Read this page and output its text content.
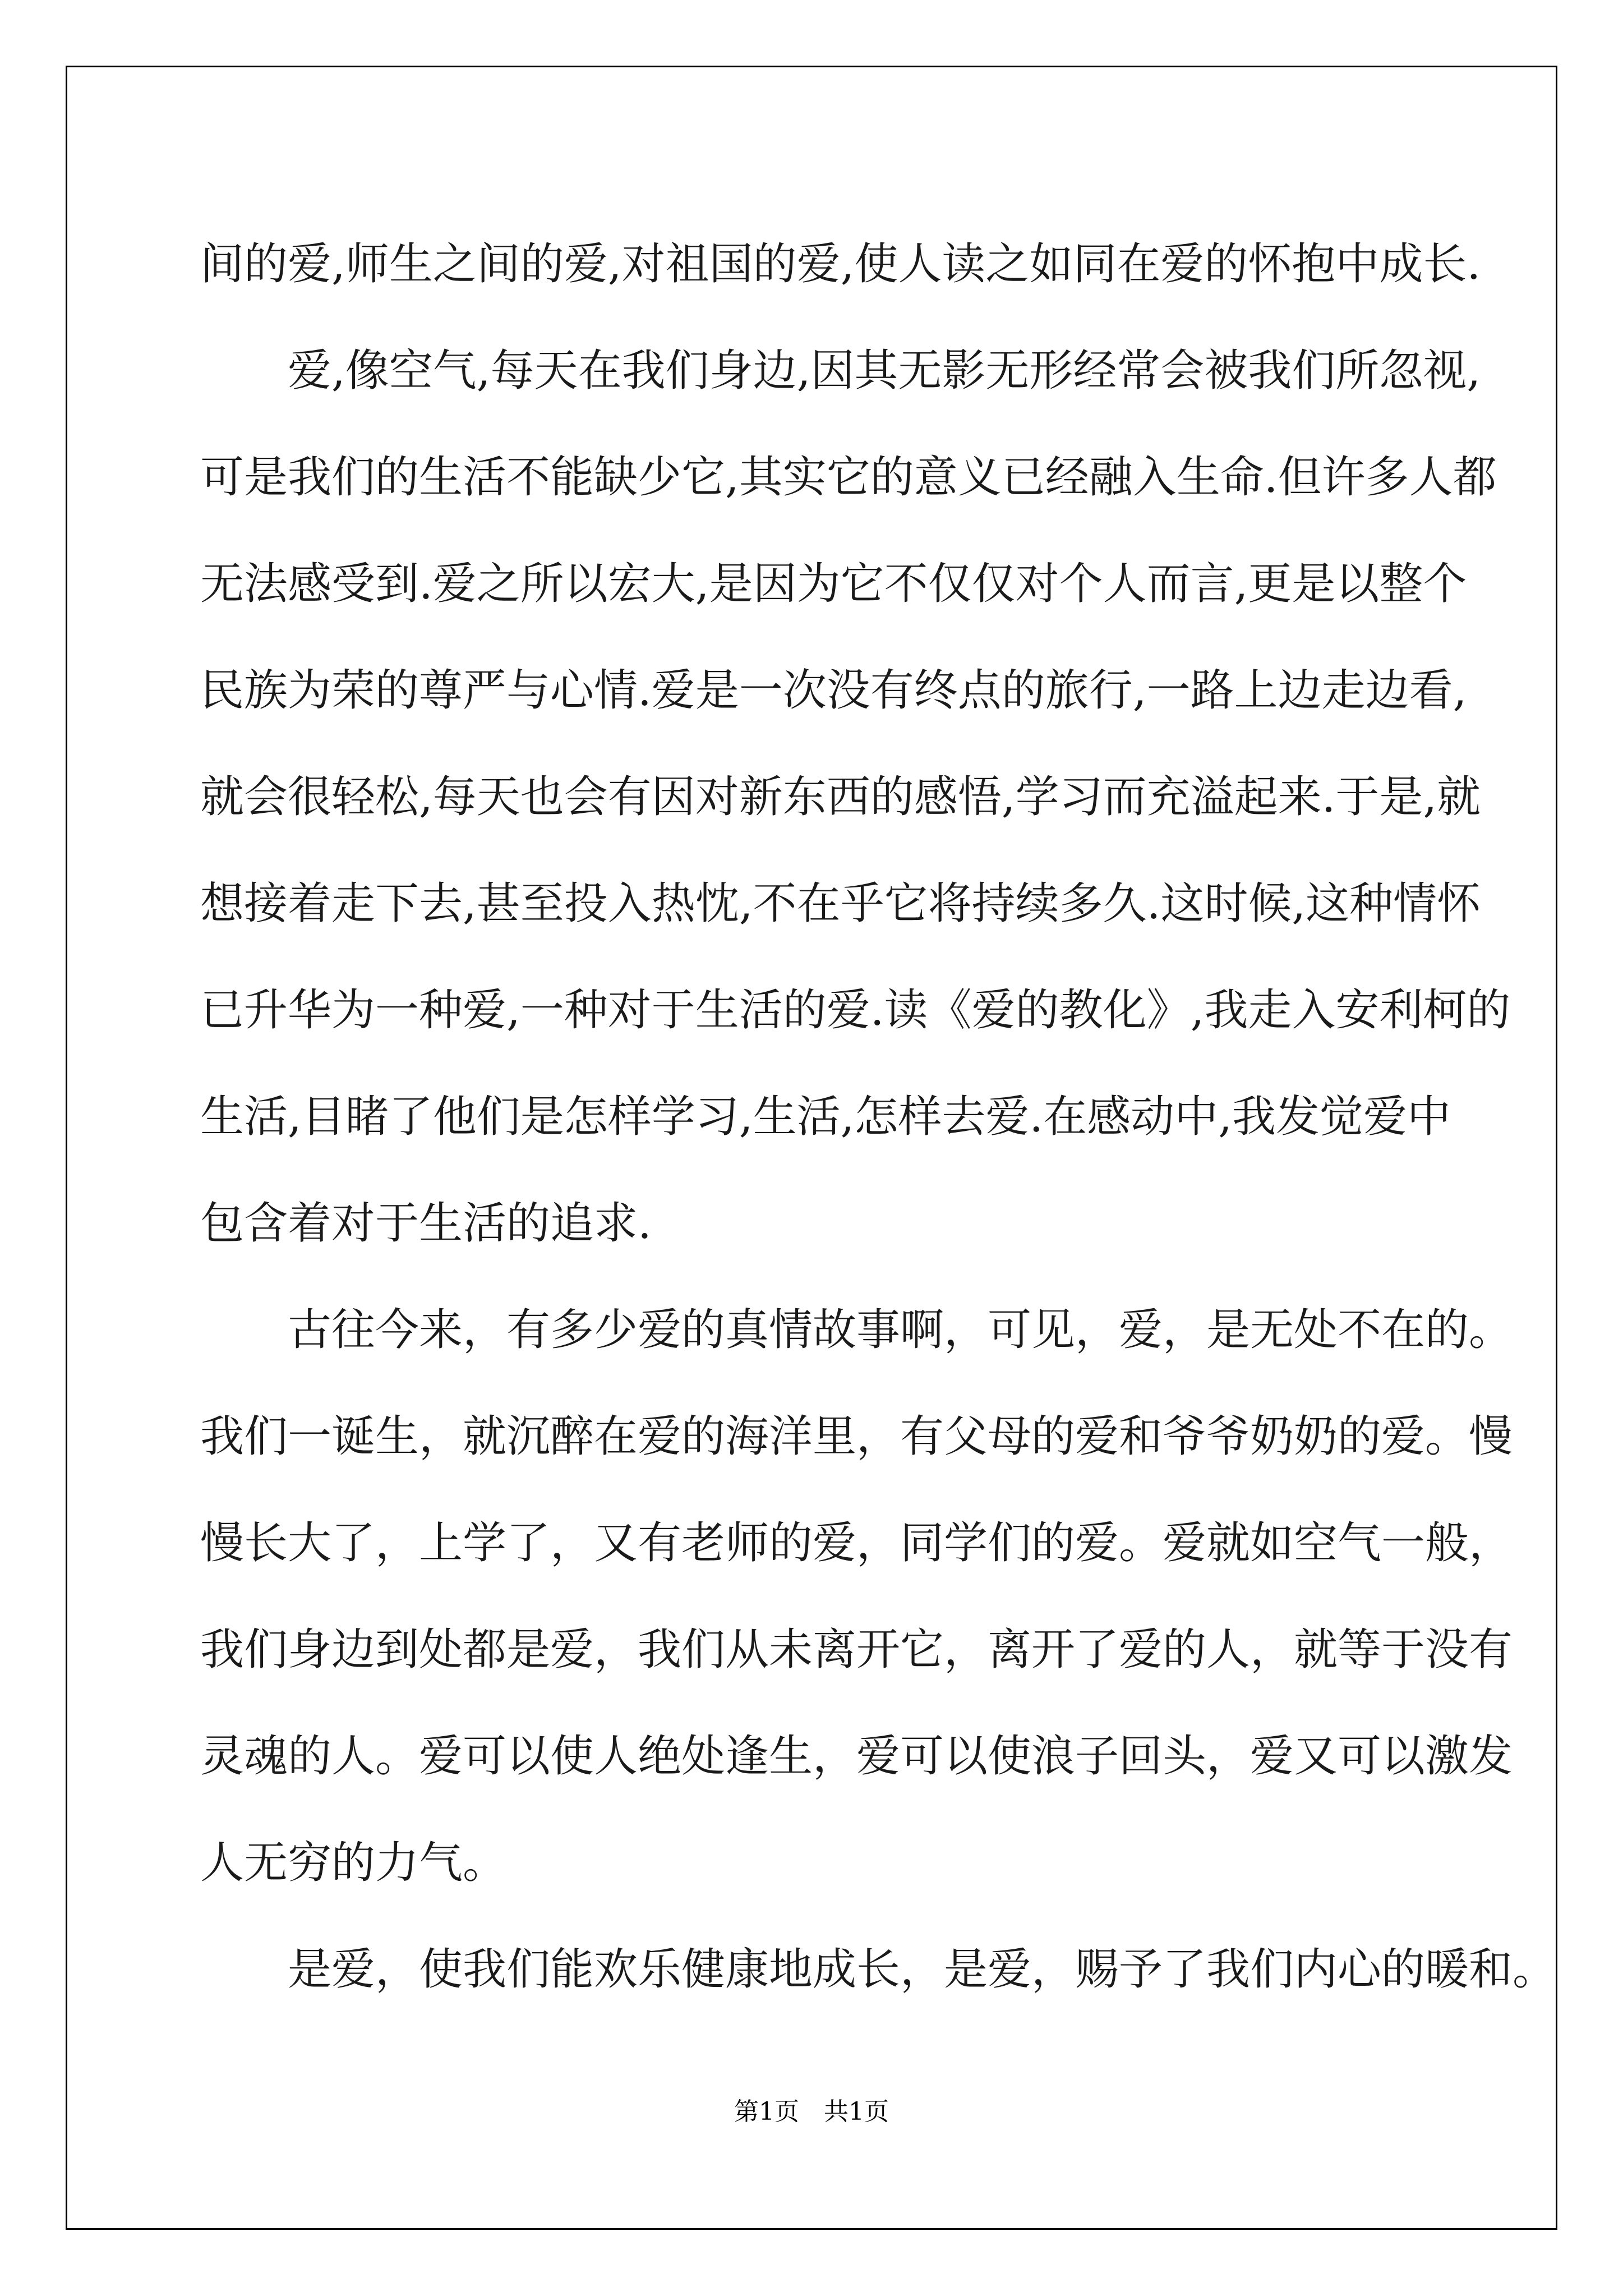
间的爱,师生之间的爱,对祖国的爱,使人读之如同在爱的怀抱中成长.
爱,像空气,每天在我们身边,因其无影无形经常会被我们所忽视,
可是我们的生活不能缺少它,其实它的意义已经融入生命.但许多人都
无法感受到.爱之所以宏大,是因为它不仅仅对个人而言,更是以整个
民族为荣的尊严与心情.爱是一次没有终点的旅行,一路上边走边看,
就会很轻松,每天也会有因对新东西的感悟,学习而充溢起来.于是,就
想接着走下去,甚至投入热忱,不在乎它将持续多久.这时候,这种情怀
已升华为一种爱,一种对于生活的爱.读《爱的教化》,我走入安利柯的
生活,目睹了他们是怎样学习,生活,怎样去爱.在感动中,我发觉爱中
包含着对于生活的追求.
古往今来，有多少爱的真情故事啊，可见，爱，是无处不在的。
我们一诞生，就沉醉在爱的海洋里，有父母的爱和爷爷奶奶的爱。慢
慢长大了，上学了，又有老师的爱，同学们的爱。爱就如空气一般，
我们身边到处都是爱，我们从未离开它，离开了爱的人，就等于没有
灵魂的人。爱可以使人绝处逢生，爱可以使浪子回头，爱又可以激发
人无穷的力气。
是爱，使我们能欢乐健康地成长，是爱，赐予了我们内心的暖和。
第1页 共1页
